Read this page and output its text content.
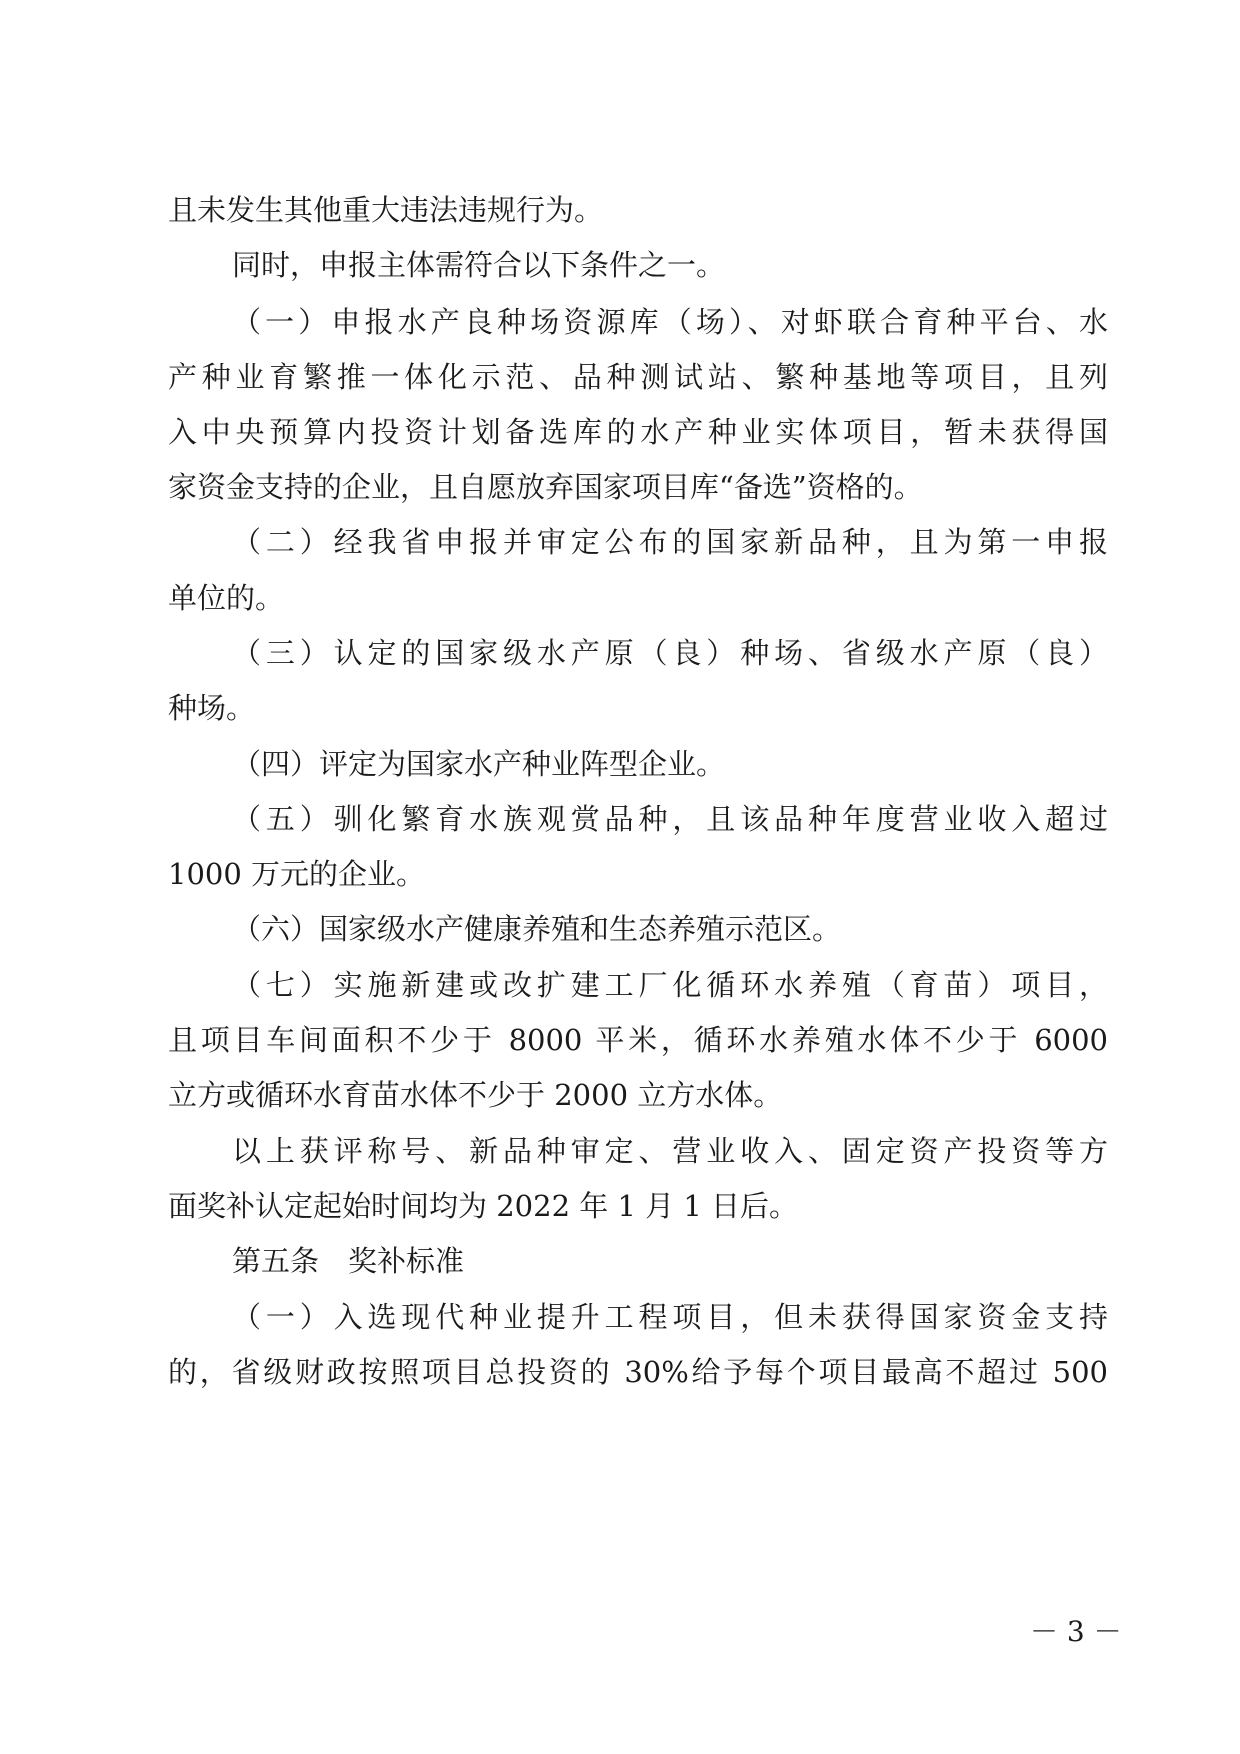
且未发生其他重大违法违规行为。
同时，申报主体需符合以下条件之一。
（一）申报水产良种场资源库（场）、对虾联合育种平台、水
产种业育繁推一体化示范、品种测试站、繁种基地等项目，且列
入中央预算内投资计划备选库的水产种业实体项目，暂未获得国
家资金支持的企业，且自愿放弃国家项目库“备选”资格的。
（二）经我省申报并审定公布的国家新品种，且为第一申报
单位的。
（三）认定的国家级水产原（良）种场、省级水产原（良）
种场。
（四）评定为国家水产种业阵型企业。
（五）驯化繁育水族观赏品种，且该品种年度营业收入超过
1000 万元的企业。
（六）国家级水产健康养殖和生态养殖示范区。
（七）实施新建或改扩建工厂化循环水养殖（育苗）项目，
且项目车间面积不少于 8000 平米，循环水养殖水体不少于 6000
立方或循环水育苗水体不少于 2000 立方水体。
以上获评称号、新品种审定、营业收入、固定资产投资等方
面奖补认定起始时间均为 2022 年 1 月 1 日后。
第五条　奖补标准
（一）入选现代种业提升工程项目，但未获得国家资金支持
的，省级财政按照项目总投资的 30%给予每个项目最高不超过 500
－ 3 －
